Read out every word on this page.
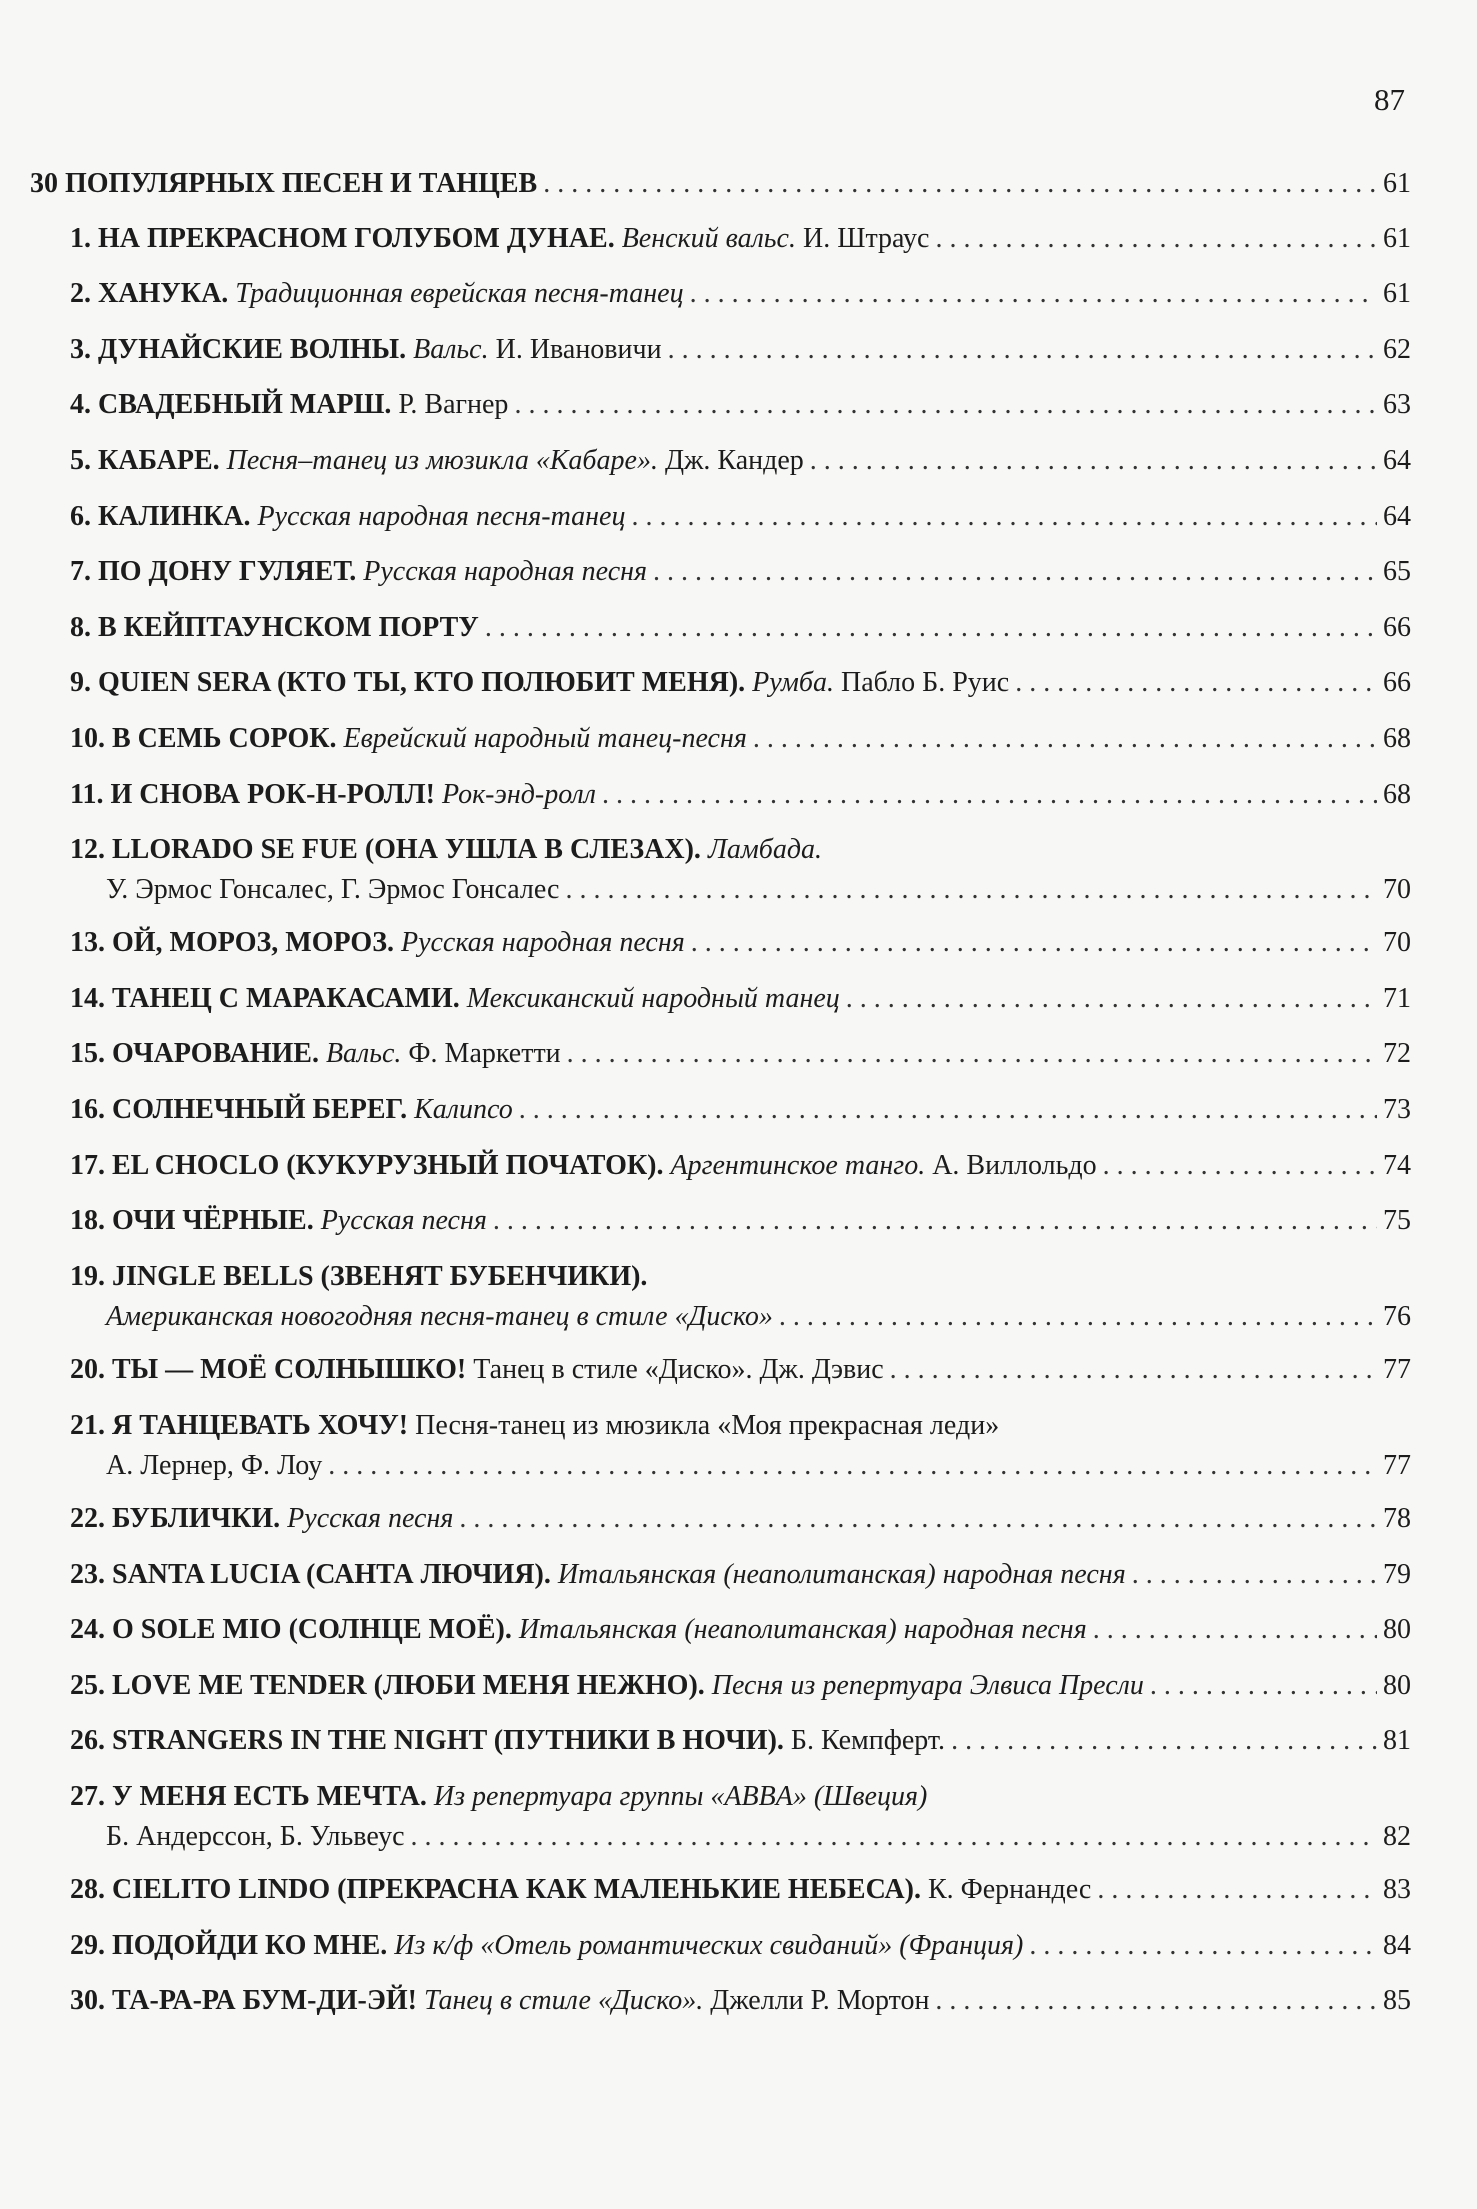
87
30 ПОПУЛЯРНЫХ ПЕСЕН И ТАНЦЕВ . . .	61
1. НА ПРЕКРАСНОМ ГОЛУБОМ ДУНАЕ. Венский вальс. И. Штраус . . .	61
2. ХАНУКА. Традиционная еврейская песня-танец . . .	61
3. ДУНАЙСКИЕ ВОЛНЫ. Вальс. И. Ивановичи . . .	62
4. СВАДЕБНЫЙ МАРШ. Р. Вагнер . . .	63
5. КАБАРЕ. Песня–танец из мюзикла «Кабаре». Дж. Кандер . . .	64
6. КАЛИНКА. Русская народная песня-танец . . .	64
7. ПО ДОНУ ГУЛЯЕТ. Русская народная песня . . .	65
8. В КЕЙПТАУНСКОМ ПОРТУ . . .	66
9. QUIEN SERA (КТО ТЫ, КТО ПОЛЮБИТ МЕНЯ). Румба. Пабло Б. Руис . . .	66
10. В СЕМЬ СОРОК. Еврейский народный танец-песня . . .	68
11. И СНОВА РОК-Н-РОЛЛ! Рок-энд-ролл . . .	68
12. LLORADO SE FUE (ОНА УШЛА В СЛЕЗАХ). Ламбада.
У. Эрмос Гонсалес, Г. Эрмос Гонсалес . . .	70
13. ОЙ, МОРОЗ, МОРОЗ. Русская народная песня . . .	70
14. ТАНЕЦ С МАРАКАСАМИ. Мексиканский народный танец . . .	71
15. ОЧАРОВАНИЕ. Вальс. Ф. Маркетти . . .	72
16. СОЛНЕЧНЫЙ БЕРЕГ. Калипсо . . .	73
17. EL CHOCLO (КУКУРУЗНЫЙ ПОЧАТОК). Аргентинское танго. А. Виллольдо . . .	74
18. ОЧИ ЧЁРНЫЕ. Русская песня . . .	75
19. JINGLE BELLS (ЗВЕНЯТ БУБЕНЧИКИ).
Американская новогодняя песня-танец в стиле «Диско» . . .	76
20. ТЫ — МОЁ СОЛНЫШКО! Танец в стиле «Диско». Дж. Дэвис . . .	77
21. Я ТАНЦЕВАТЬ ХОЧУ! Песня-танец из мюзикла «Моя прекрасная леди»
А. Лернер, Ф. Лоу . . .	77
22. БУБЛИЧКИ. Русская песня . . .	78
23. SANTA LUCIA (САНТА ЛЮЧИЯ). Итальянская (неаполитанская) народная песня . . .	79
24. O SOLE MIO (СОЛНЦЕ МОЁ). Итальянская (неаполитанская) народная песня . . .	80
25. LOVE ME TENDER (ЛЮБИ МЕНЯ НЕЖНО). Песня из репертуара Элвиса Пресли . . .	80
26. STRANGERS IN THE NIGHT (ПУТНИКИ В НОЧИ). Б. Кемпферт. . . .	81
27. У МЕНЯ ЕСТЬ МЕЧТА. Из репертуара группы «ABBA» (Швеция)
Б. Андерссон, Б. Ульвеус . . .	82
28. CIELITO LINDO (ПРЕКРАСНА КАК МАЛЕНЬКИЕ НЕБЕСА). К. Фернандес . . .	83
29. ПОДОЙДИ КО МНЕ. Из к/ф «Отель романтических свиданий» (Франция) . . .	84
30. ТА-РА-РА БУМ-ДИ-ЭЙ! Танец в стиле «Диско». Джелли Р. Мортон . . .	85
